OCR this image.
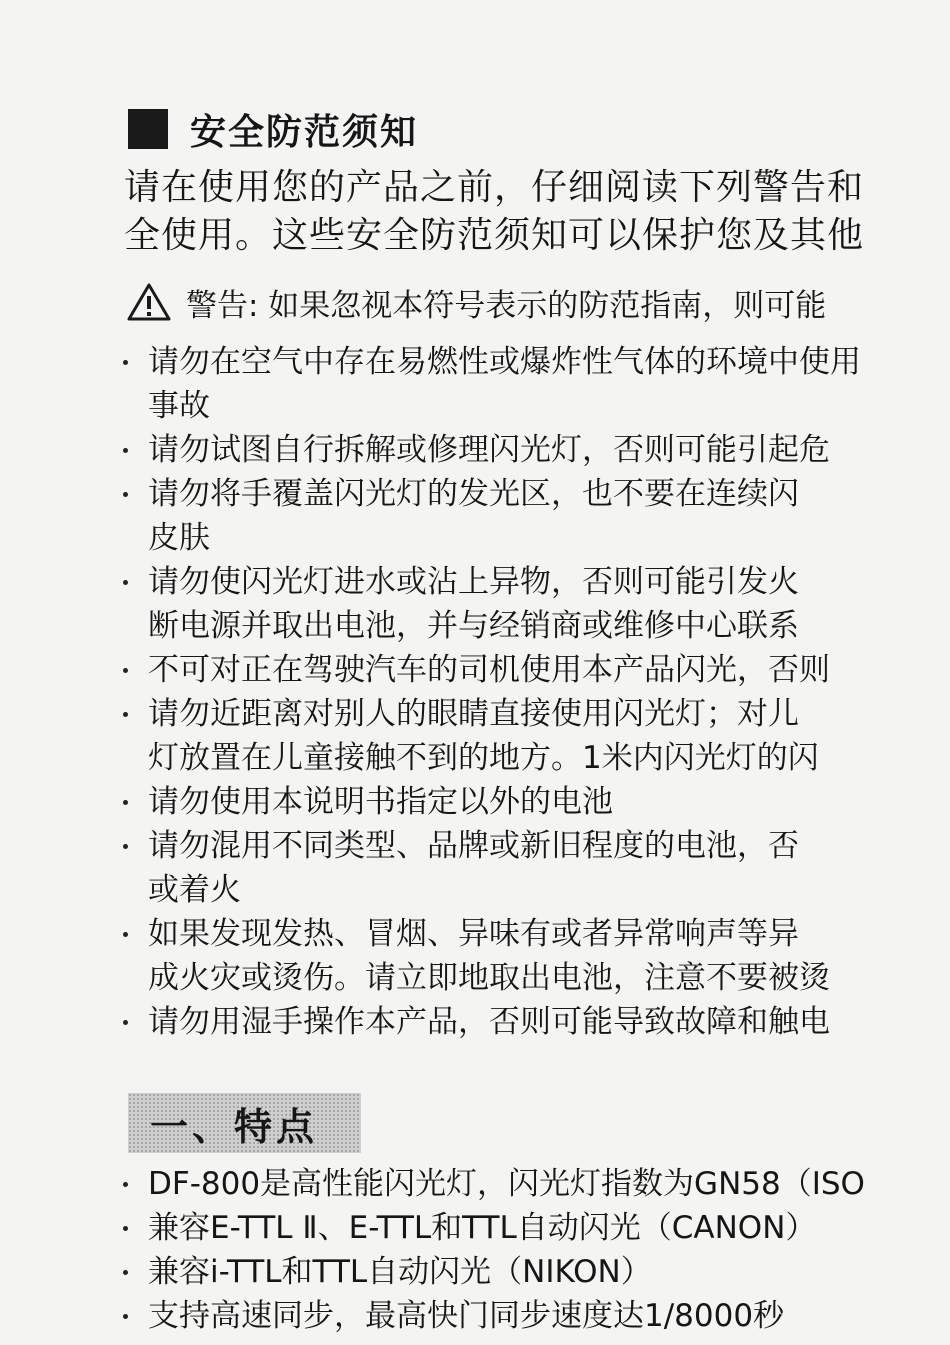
安全防范须知
请在使用您的产品之前，仔细阅读下列警告和
全使用。这些安全防范须知可以保护您及其他
警告: 如果忽视本符号表示的防范指南，则可能
请勿在空气中存在易燃性或爆炸性气体的环境中使用
事故
请勿试图自行拆解或修理闪光灯，否则可能引起危
请勿将手覆盖闪光灯的发光区，也不要在连续闪
皮肤
请勿使闪光灯进水或沾上异物，否则可能引发火
断电源并取出电池，并与经销商或维修中心联系
不可对正在驾驶汽车的司机使用本产品闪光，否则
请勿近距离对别人的眼睛直接使用闪光灯；对儿
灯放置在儿童接触不到的地方。1米内闪光灯的闪
请勿使用本说明书指定以外的电池
请勿混用不同类型、品牌或新旧程度的电池，否
或着火
如果发现发热、冒烟、异味有或者异常响声等异
成火灾或烫伤。请立即地取出电池，注意不要被烫
请勿用湿手操作本产品，否则可能导致故障和触电
一、特点
DF-800是高性能闪光灯，闪光灯指数为GN58（ISO
兼容E-TTL Ⅱ、E-TTL和TTL自动闪光（CANON）
兼容i-TTL和TTL自动闪光（NIKON）
支持高速同步，最高快门同步速度达1/8000秒
